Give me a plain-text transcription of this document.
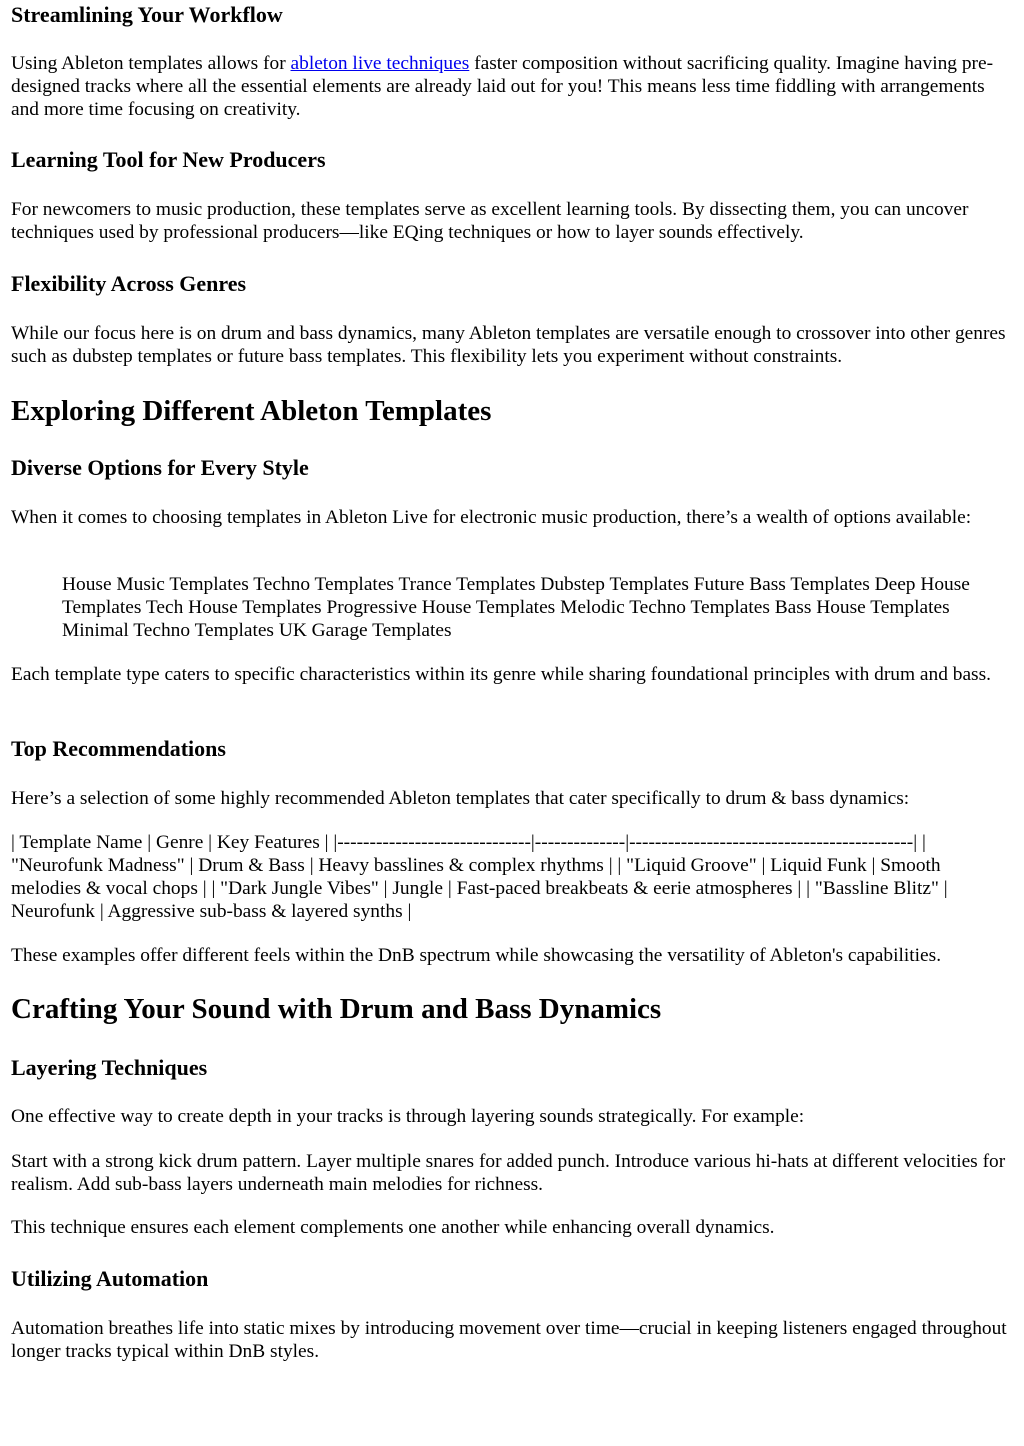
Streamlining Your Workflow

Using Ableton templates allows for ableton live techniques faster composition without sacrificing quality. Imagine having pre-designed tracks where all the essential elements are already laid out for you! This means less time fiddling with arrangements and more time focusing on creativity.

Learning Tool for New Producers

For newcomers to music production, these templates serve as excellent learning tools. By dissecting them, you can uncover techniques used by professional producers—like EQing techniques or how to layer sounds effectively.

Flexibility Across Genres

While our focus here is on drum and bass dynamics, many Ableton templates are versatile enough to crossover into other genres such as dubstep templates or future bass templates. This flexibility lets you experiment without constraints.

Exploring Different Ableton Templates
Diverse Options for Every Style

When it comes to choosing templates in Ableton Live for electronic music production, there’s a wealth of options available:

House Music Templates Techno Templates Trance Templates Dubstep Templates Future Bass Templates Deep House Templates Tech House Templates Progressive House Templates Melodic Techno Templates Bass House Templates Minimal Techno Templates UK Garage Templates

Each template type caters to specific characteristics within its genre while sharing foundational principles with drum and bass.

Top Recommendations

Here’s a selection of some highly recommended Ableton templates that cater specifically to drum & bass dynamics:

| Template Name | Genre | Key Features | |------------------------------|--------------|--------------------------------------------| | "Neurofunk Madness" | Drum & Bass | Heavy basslines & complex rhythms | | "Liquid Groove" | Liquid Funk | Smooth melodies & vocal chops | | "Dark Jungle Vibes" | Jungle | Fast-paced breakbeats & eerie atmospheres | | "Bassline Blitz" | Neurofunk | Aggressive sub-bass & layered synths |

These examples offer different feels within the DnB spectrum while showcasing the versatility of Ableton's capabilities.

Crafting Your Sound with Drum and Bass Dynamics
Layering Techniques

One effective way to create depth in your tracks is through layering sounds strategically. For example:

Start with a strong kick drum pattern. Layer multiple snares for added punch. Introduce various hi-hats at different velocities for realism. Add sub-bass layers underneath main melodies for richness.

This technique ensures each element complements one another while enhancing overall dynamics.

Utilizing Automation

Automation breathes life into static mixes by introducing movement over time—crucial in keeping listeners engaged throughout longer tracks typical within DnB styles.
